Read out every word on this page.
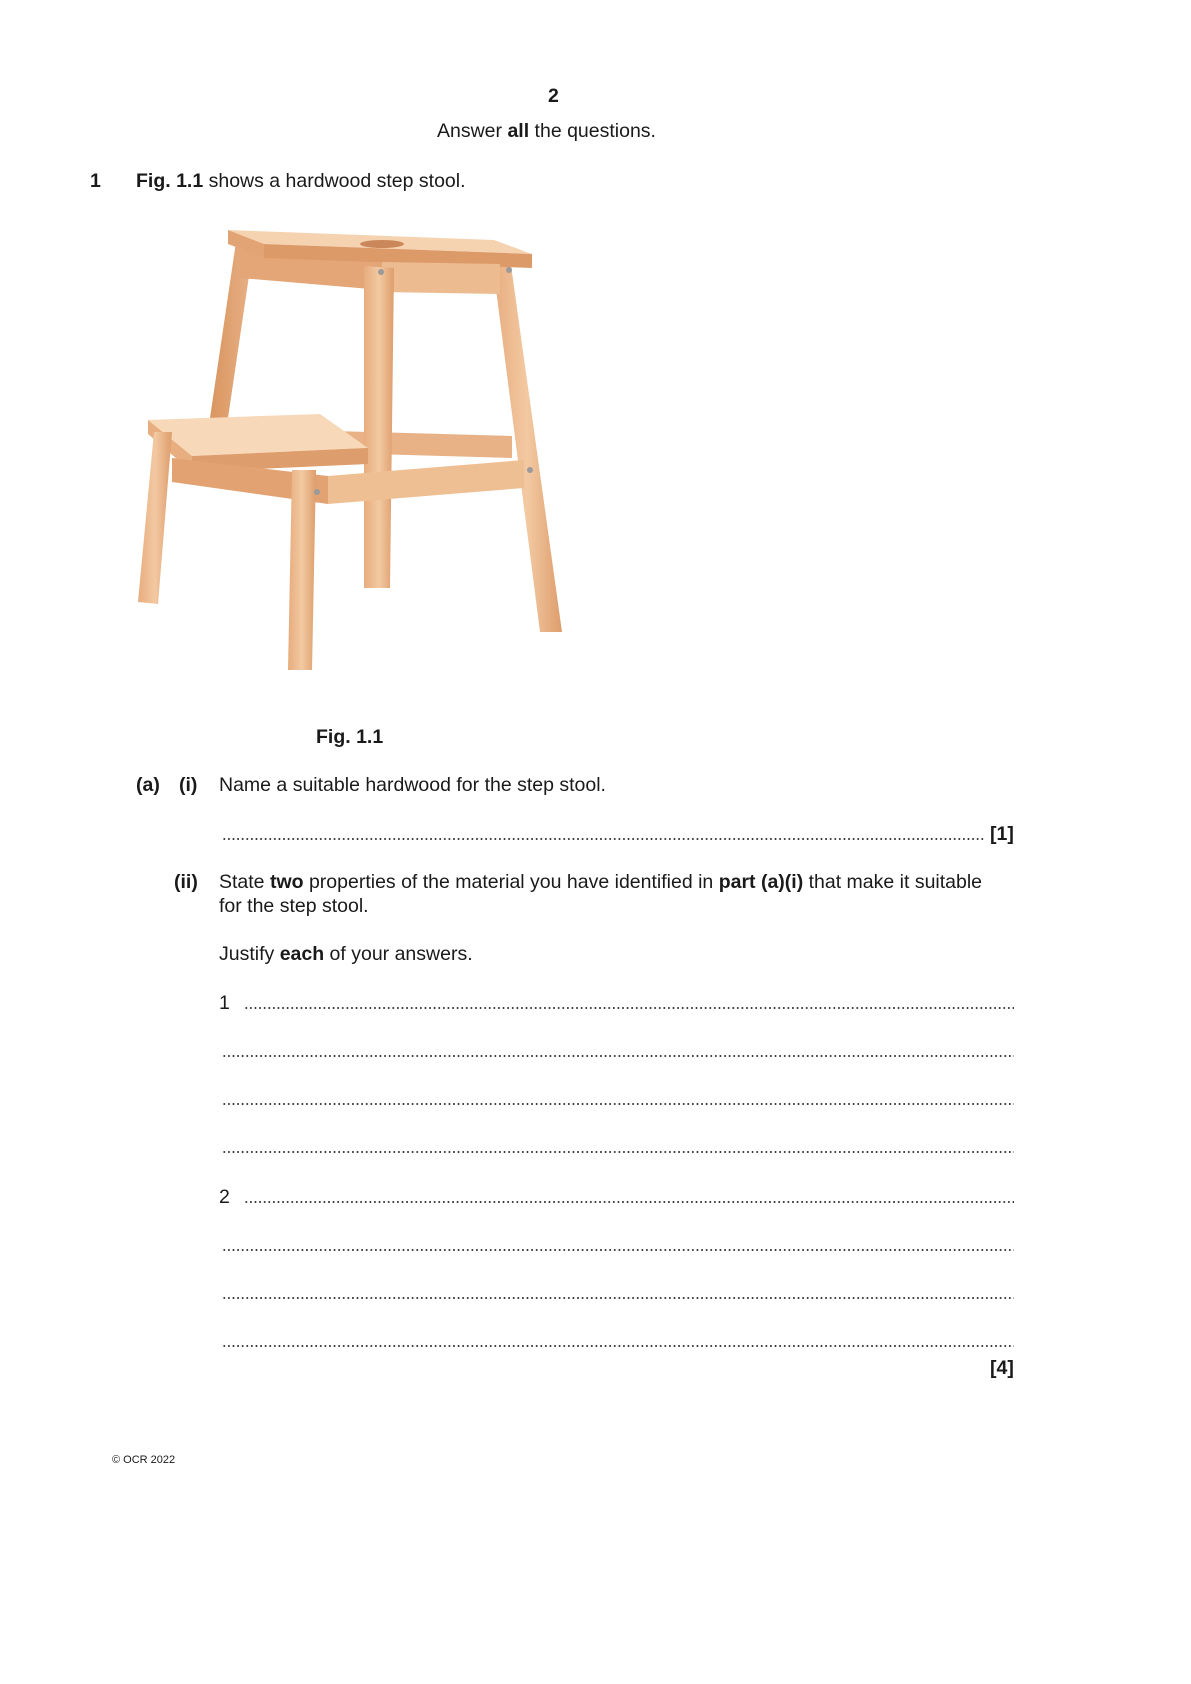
2
Answer all the questions.
1 Fig. 1.1 shows a hardwood step stool.
Fig. 1.1
(a) (i) Name a suitable hardwood for the step stool.
[1]
(ii) State two properties of the material you have identified in part (a)(i) that make it suitable
for the step stool.
Justify each of your answers.
1
2
[4]
© OCR 2022
